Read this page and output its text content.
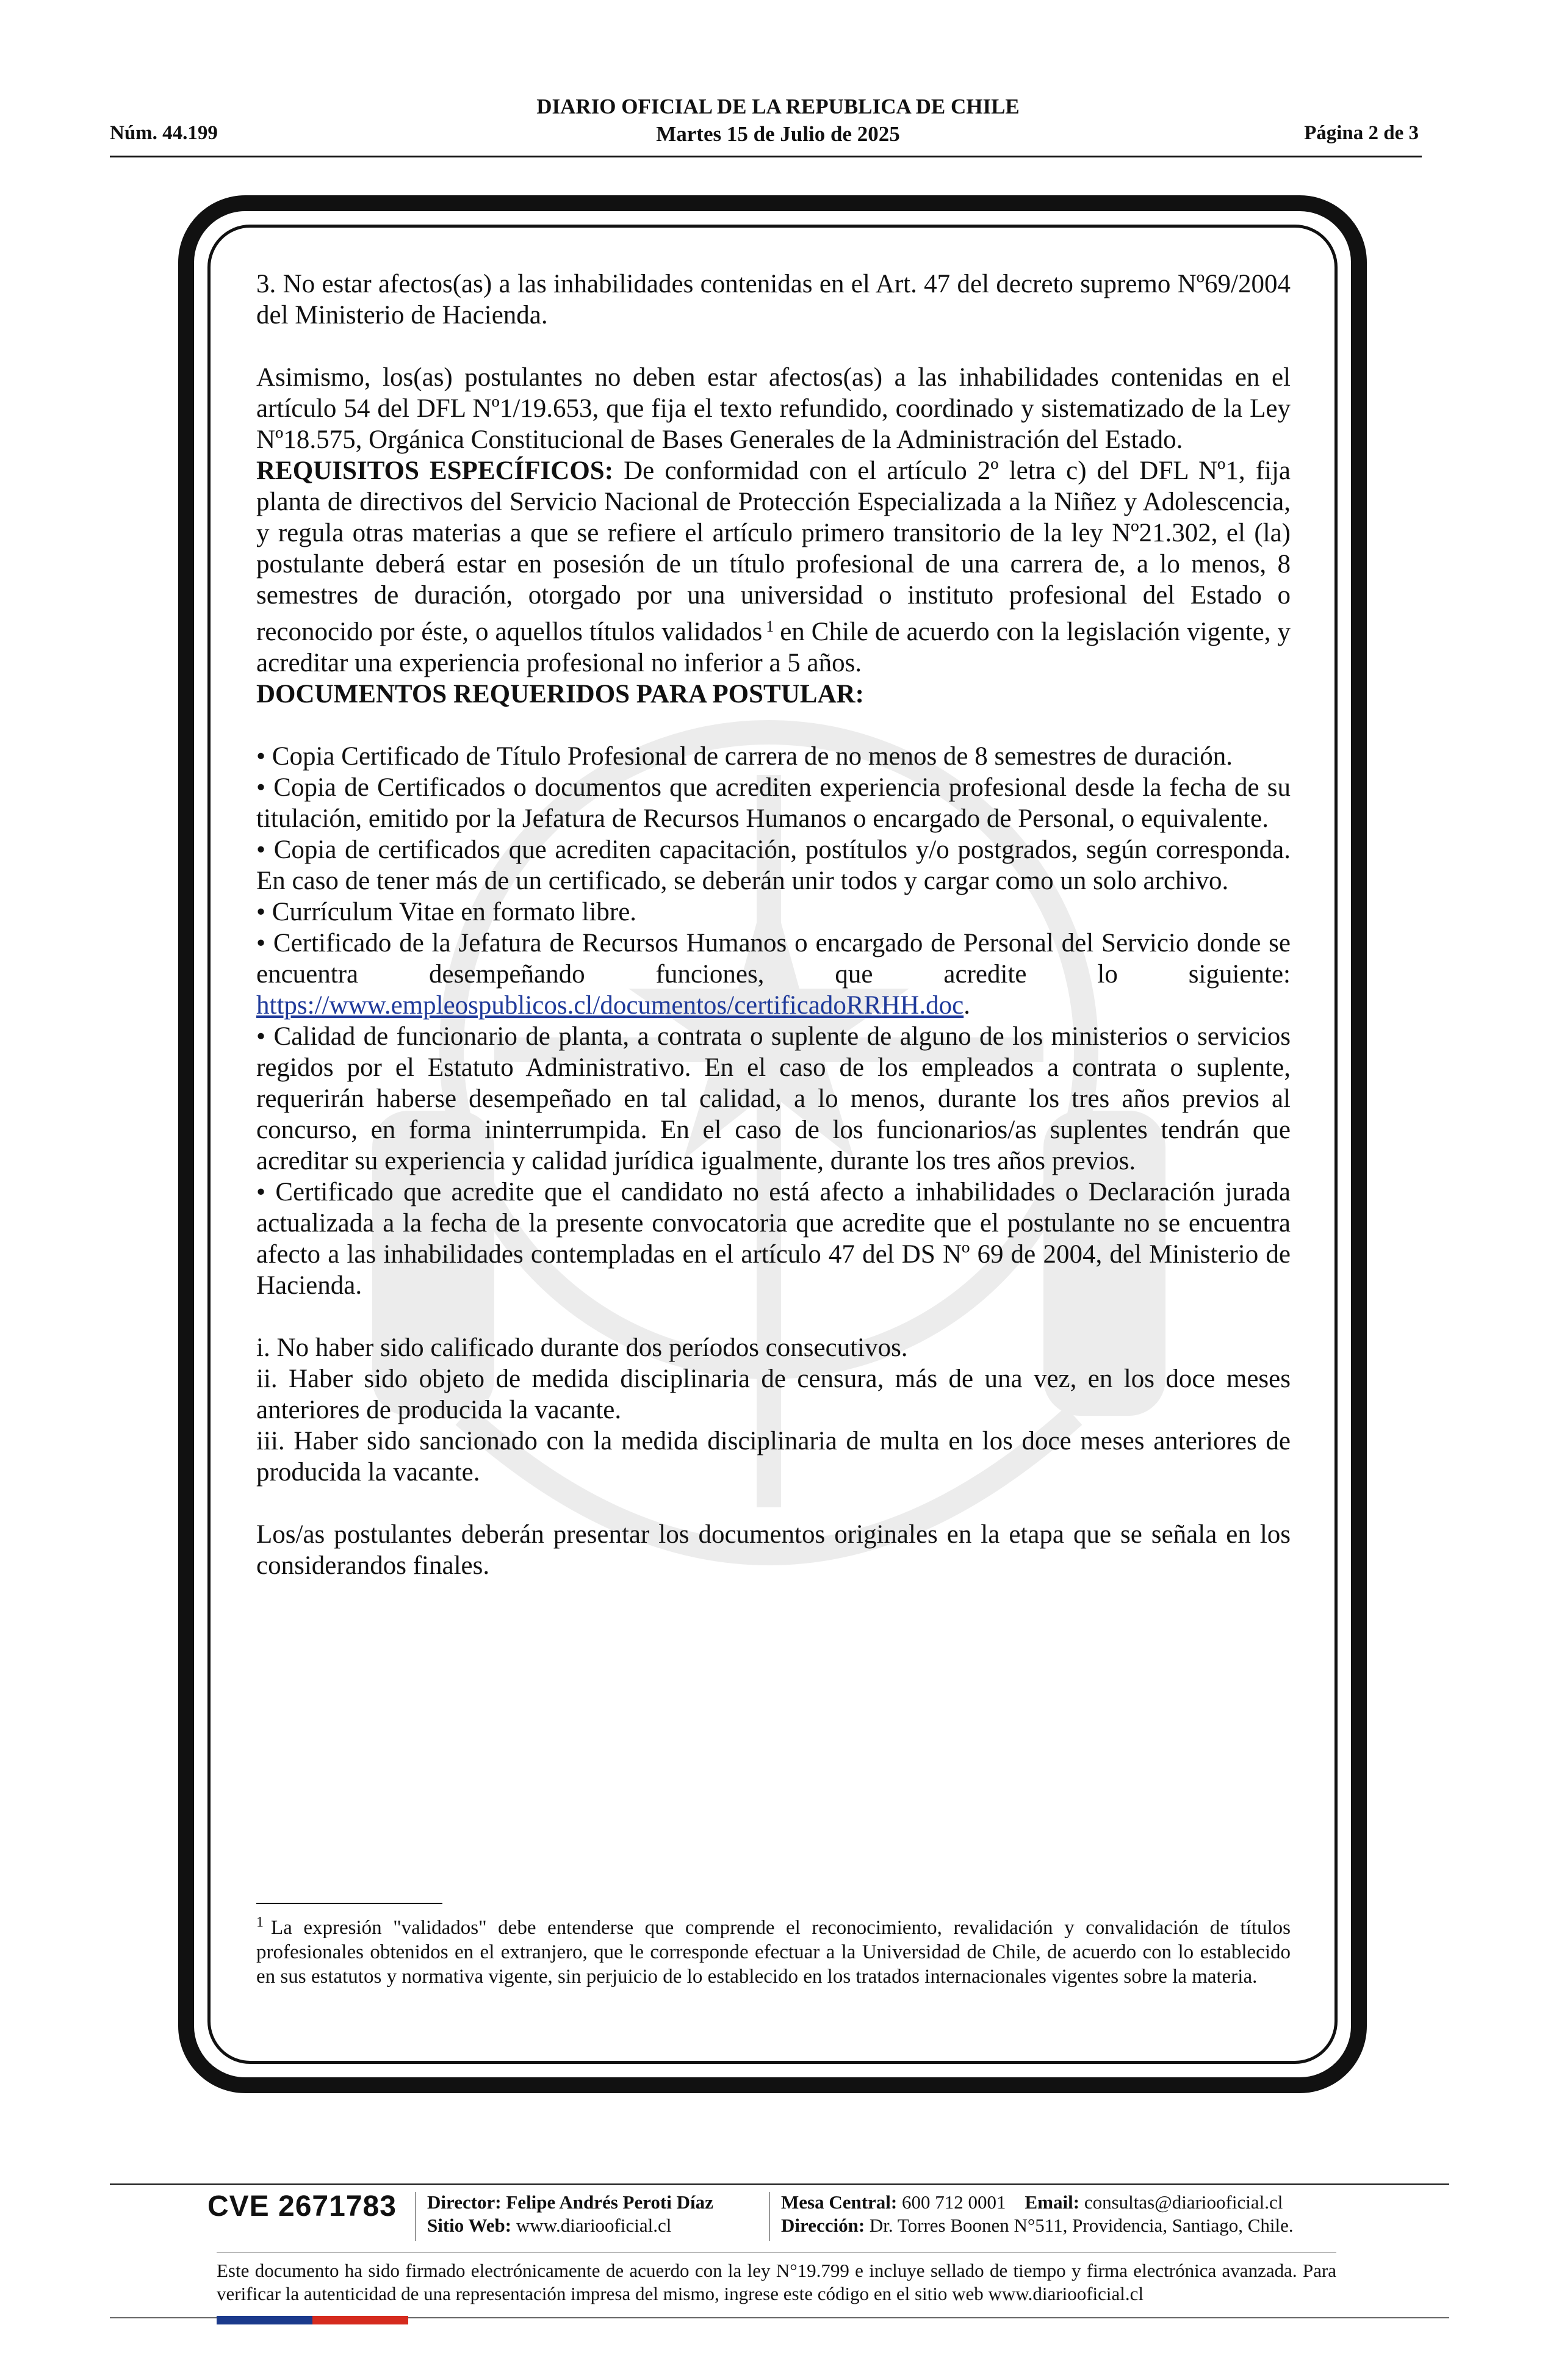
Núm. 44.199
DIARIO OFICIAL DE LA REPUBLICA DE CHILE
Martes 15 de Julio de 2025	Página 2 de 3

3. No estar afectos(as) a las inhabilidades contenidas en el Art. 47 del decreto supremo Nº69/2004 del Ministerio de Hacienda.

Asimismo, los(as) postulantes no deben estar afectos(as) a las inhabilidades contenidas en el artículo 54 del DFL Nº1/19.653, que fija el texto refundido, coordinado y sistematizado de la Ley Nº18.575, Orgánica Constitucional de Bases Generales de la Administración del Estado.

REQUISITOS ESPECÍFICOS: De conformidad con el artículo 2º letra c) del DFL Nº1, fija planta de directivos del Servicio Nacional de Protección Especializada a la Niñez y Adolescencia, y regula otras materias a que se refiere el artículo primero transitorio de la ley Nº21.302, el (la) postulante deberá estar en posesión de un título profesional de una carrera de, a lo menos, 8 semestres de duración, otorgado por una universidad o instituto profesional del Estado o reconocido por éste, o aquellos títulos validados $^1$ en Chile de acuerdo con la legislación vigente, y acreditar una experiencia profesional no inferior a 5 años.

DOCUMENTOS REQUERIDOS PARA POSTULAR:

• Copia Certificado de Título Profesional de carrera de no menos de 8 semestres de duración.

• Copia de Certificados o documentos que acrediten experiencia profesional desde la fecha de su titulación, emitido por la Jefatura de Recursos Humanos o encargado de Personal, o equivalente.

• Copia de certificados que acrediten capacitación, postítulos y/o postgrados, según corresponda. En caso de tener más de un certificado, se deberán unir todos y cargar como un solo archivo.

• Currículum Vitae en formato libre.

• Certificado de la Jefatura de Recursos Humanos o encargado de Personal del Servicio donde se encuentra desempeñando funciones, que acredite lo siguiente: https://www.empleospublicos.cl/documentos/certificadoRRHH.doc.

• Calidad de funcionario de planta, a contrata o suplente de alguno de los ministerios o servicios regidos por el Estatuto Administrativo. En el caso de los empleados a contrata o suplente, requerirán haberse desempeñado en tal calidad, a lo menos, durante los tres años previos al concurso, en forma ininterrumpida. En el caso de los funcionarios/as suplentes tendrán que acreditar su experiencia y calidad jurídica igualmente, durante los tres años previos.

• Certificado que acredite que el candidato no está afecto a inhabilidades o Declaración jurada actualizada a la fecha de la presente convocatoria que acredite que el postulante no se encuentra afecto a las inhabilidades contempladas en el artículo 47 del DS Nº 69 de 2004, del Ministerio de Hacienda.

i. No haber sido calificado durante dos períodos consecutivos.

ii. Haber sido objeto de medida disciplinaria de censura, más de una vez, en los doce meses anteriores de producida la vacante.

iii. Haber sido sancionado con la medida disciplinaria de multa en los doce meses anteriores de producida la vacante.

Los/as postulantes deberán presentar los documentos originales en la etapa que se señala en los considerandos finales.

$^1$ La expresión "validados" debe entenderse que comprende el reconocimiento, revalidación y convalidación de títulos profesionales obtenidos en el extranjero, que le corresponde efectuar a la Universidad de Chile, de acuerdo con lo establecido en sus estatutos y normativa vigente, sin perjuicio de lo establecido en los tratados internacionales vigentes sobre la materia.
CVE 2671783 Director: Felipe Andrés Peroti Díaz
Sitio Web: www.diariooficial.cl
Mesa Central: 600 712 0001 Email: consultas@diariooficial.cl
Dirección: Dr. Torres Boonen N°511, Providencia, Santiago, Chile.
Este documento ha sido firmado electrónicamente de acuerdo con la ley N°19.799 e incluye sellado de tiempo y firma electrónica avanzada. Para verificar la autenticidad de una representación impresa del mismo, ingrese este código en el sitio web www.diariooficial.cl
